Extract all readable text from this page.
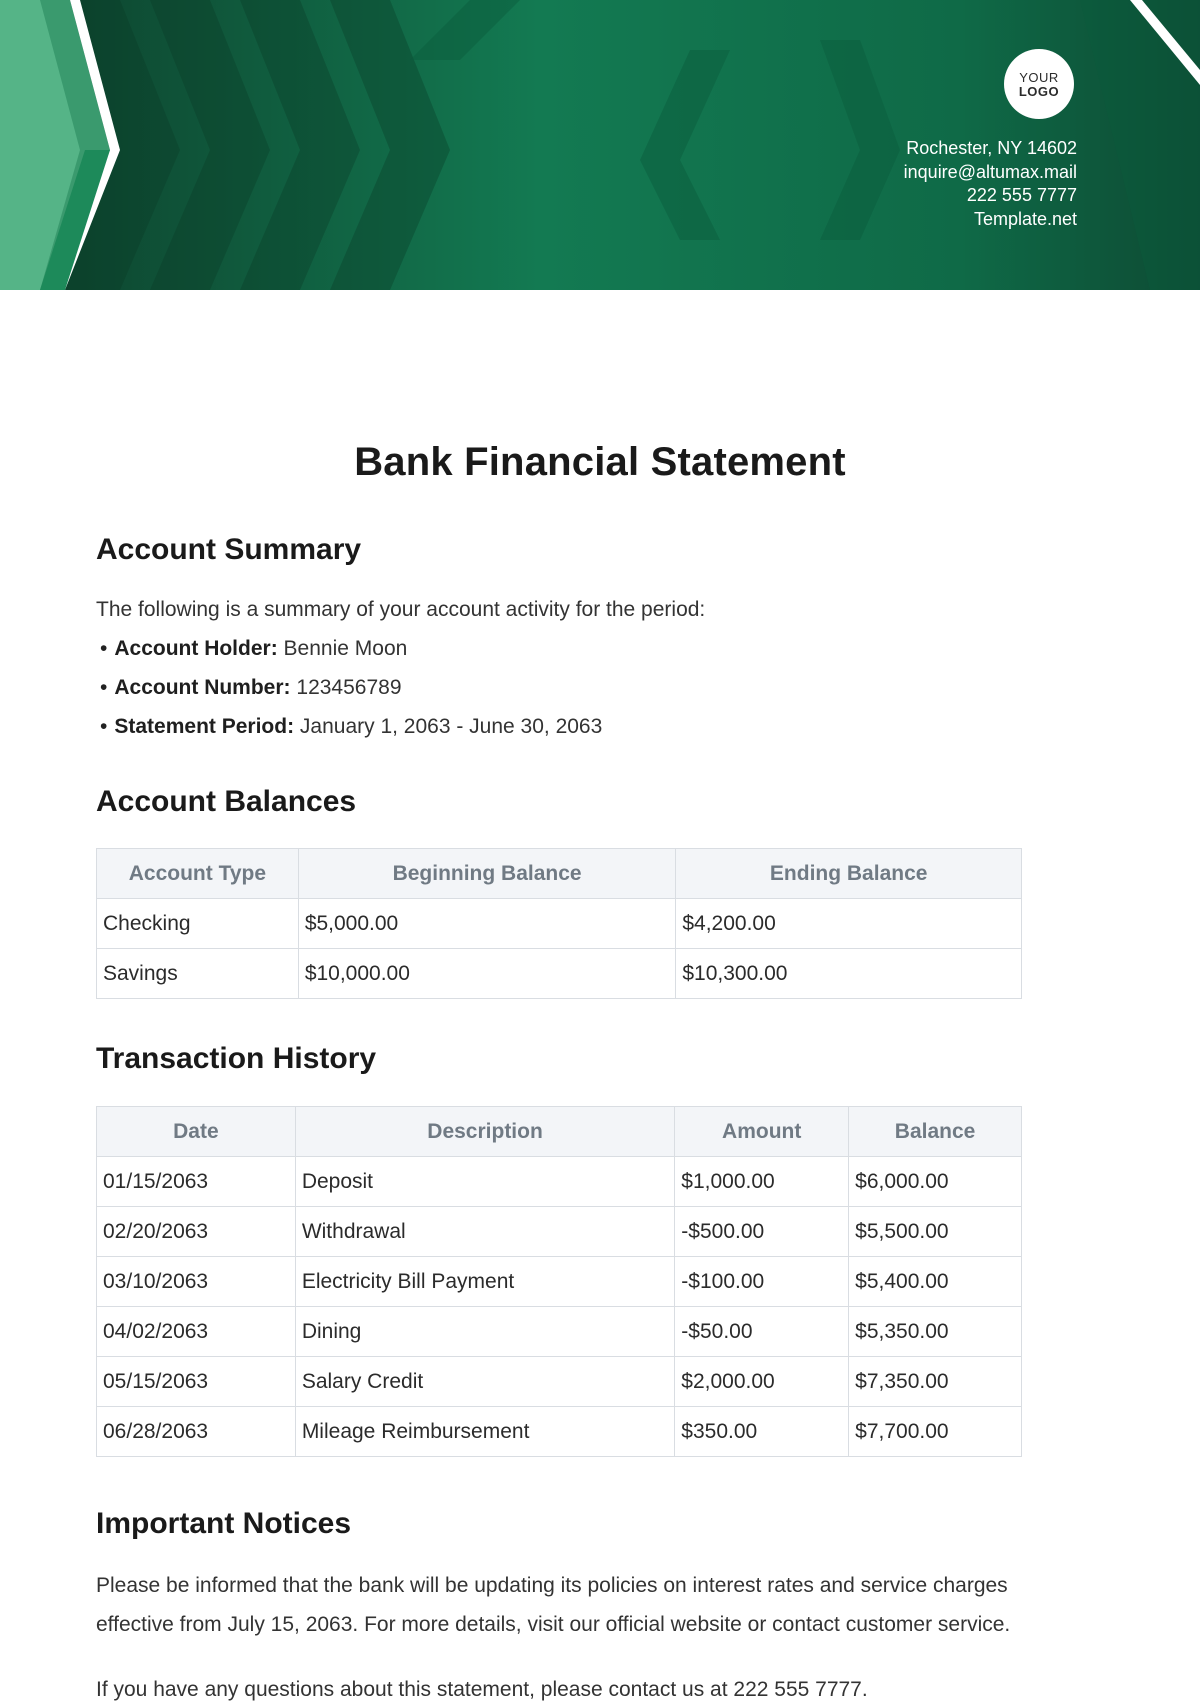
YOUR
LOGO
Rochester, NY 14602
inquire@altumax.mail
222 555 7777
Template.net
Bank Financial Statement
Account Summary

The following is a summary of your account activity for the period:

• Account Holder: Bennie Moon
• Account Number: 123456789
• Statement Period: January 1, 2063 - June 30, 2063
Account Balances
Account Type	Beginning Balance	Ending Balance
Checking	$5,000.00	$4,200.00
Savings	$10,000.00	$10,300.00
Transaction History
Date	Description	Amount	Balance
01/15/2063	Deposit	$1,000.00	$6,000.00
02/20/2063	Withdrawal	-$500.00	$5,500.00
03/10/2063	Electricity Bill Payment	-$100.00	$5,400.00
04/02/2063	Dining	-$50.00	$5,350.00
05/15/2063	Salary Credit	$2,000.00	$7,350.00
06/28/2063	Mileage Reimbursement	$350.00	$7,700.00
Important Notices

Please be informed that the bank will be updating its policies on interest rates and service charges effective from July 15, 2063. For more details, visit our official website or contact customer service.

If you have any questions about this statement, please contact us at 222 555 7777.
